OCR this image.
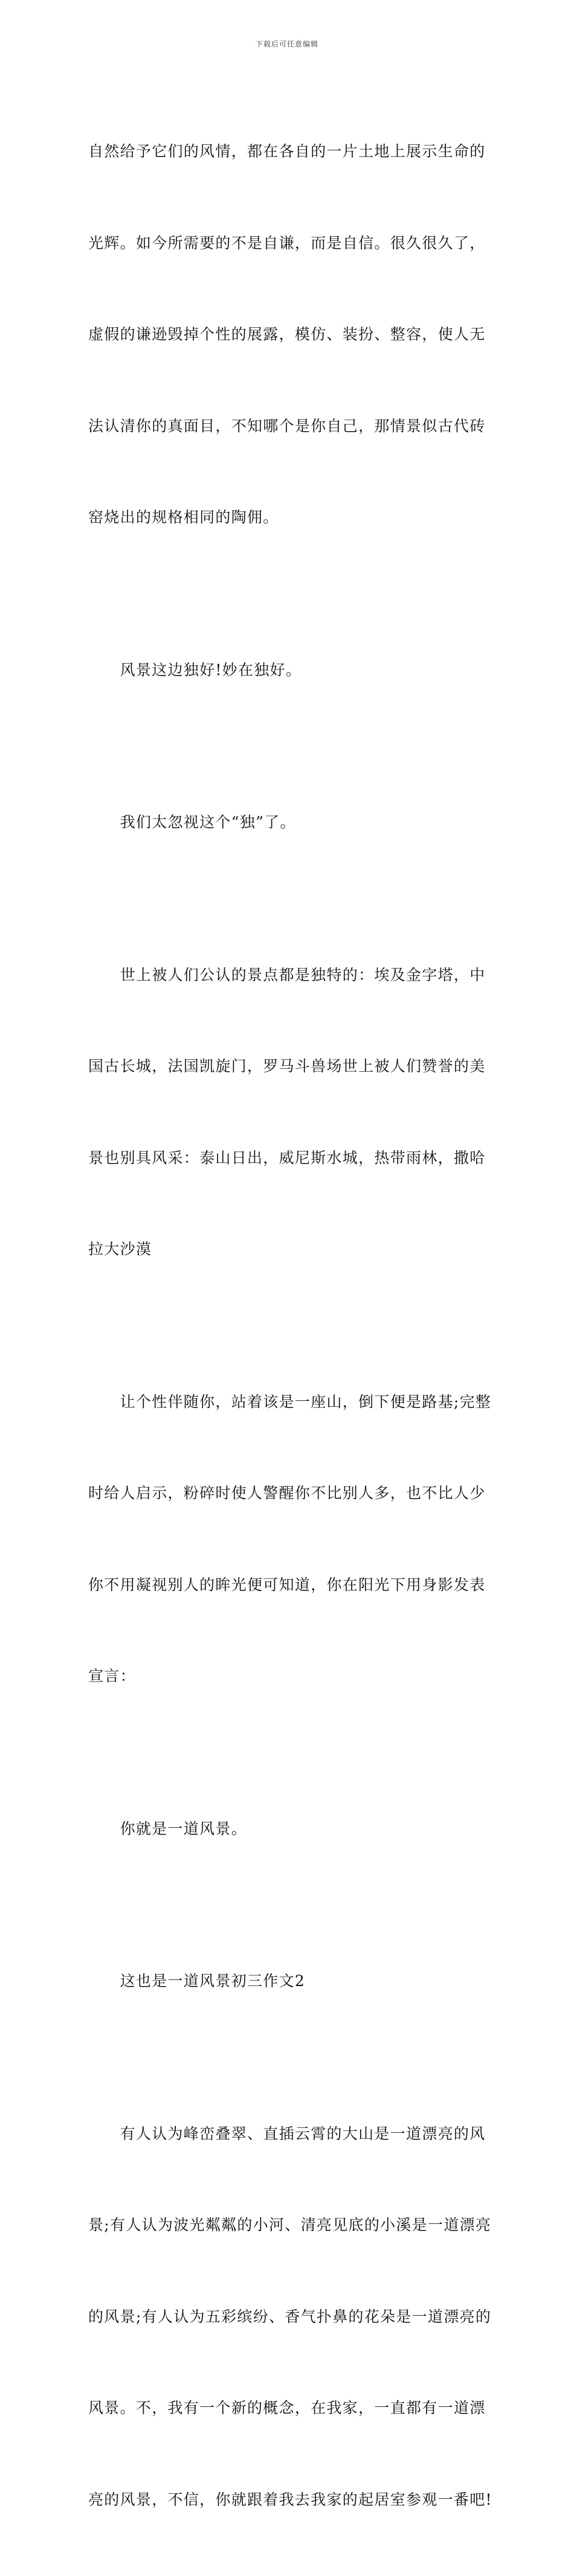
下载后可任意编辑

自然给予它们的风情，都在各自的一片土地上展示生命的

光辉。如今所需要的不是自谦，而是自信。很久很久了，

虚假的谦逊毁掉个性的展露，模仿、装扮、整容，使人无

法认清你的真面目，不知哪个是你自己，那情景似古代砖

窑烧出的规格相同的陶佣。

　　风景这边独好!妙在独好。

　　我们太忽视这个“独”了。

　　世上被人们公认的景点都是独特的：埃及金字塔，中

国古长城，法国凯旋门，罗马斗兽场世上被人们赞誉的美

景也别具风采：泰山日出，威尼斯水城，热带雨林，撒哈

拉大沙漠

　　让个性伴随你，站着该是一座山，倒下便是路基;完整

时给人启示，粉碎时使人警醒你不比别人多，也不比人少

你不用凝视别人的眸光便可知道，你在阳光下用身影发表

宣言：

　　你就是一道风景。

　　这也是一道风景初三作文2

　　有人认为峰峦叠翠、直插云霄的大山是一道漂亮的风

景;有人认为波光粼粼的小河、清亮见底的小溪是一道漂亮

的风景;有人认为五彩缤纷、香气扑鼻的花朵是一道漂亮的

风景。不，我有一个新的概念，在我家，一直都有一道漂

亮的风景，不信，你就跟着我去我家的起居室参观一番吧!
